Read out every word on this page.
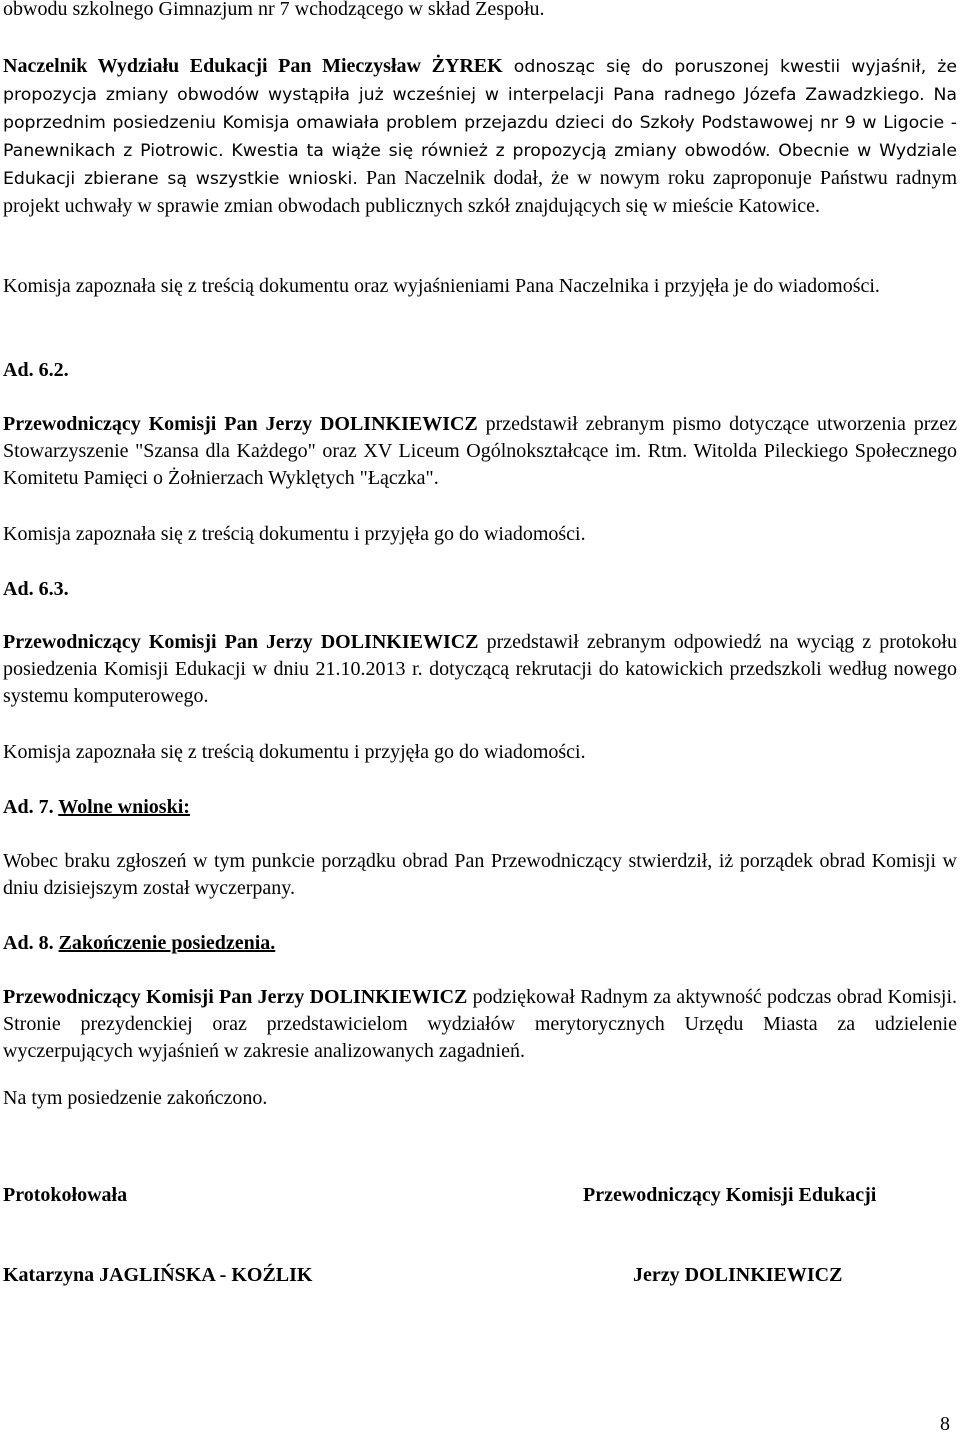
obwodu szkolnego Gimnazjum nr 7 wchodzącego w skład Zespołu.

Naczelnik Wydziału Edukacji Pan Mieczysław ŻYREK odnosząc się do poruszonej kwestii wyjaśnił, że propozycja zmiany obwodów wystąpiła już wcześniej w interpelacji Pana radnego Józefa Zawadzkiego. Na poprzednim posiedzeniu Komisja omawiała problem przejazdu dzieci do Szkoły Podstawowej nr 9 w Ligocie - Panewnikach z Piotrowic. Kwestia ta wiąże się również z propozycją zmiany obwodów. Obecnie w Wydziale Edukacji zbierane są wszystkie wnioski. Pan Naczelnik dodał, że w nowym roku zaproponuje Państwu radnym projekt uchwały w sprawie zmian obwodach publicznych szkół znajdujących się w mieście Katowice.

Komisja zapoznała się z treścią dokumentu oraz wyjaśnieniami Pana Naczelnika i przyjęła je do wiadomości.

Ad. 6.2.

Przewodniczący Komisji Pan Jerzy DOLINKIEWICZ przedstawił zebranym pismo dotyczące utworzenia przez Stowarzyszenie "Szansa dla Każdego" oraz XV Liceum Ogólnokształcące im. Rtm. Witolda Pileckiego Społecznego Komitetu Pamięci o Żołnierzach Wyklętych "Łączka".

Komisja zapoznała się z treścią dokumentu i przyjęła go do wiadomości.

Ad. 6.3.

Przewodniczący Komisji Pan Jerzy DOLINKIEWICZ przedstawił zebranym odpowiedź na wyciąg z protokołu posiedzenia Komisji Edukacji w dniu 21.10.2013 r. dotyczącą rekrutacji do katowickich przedszkoli według nowego systemu komputerowego.

Komisja zapoznała się z treścią dokumentu i przyjęła go do wiadomości.

Ad. 7. Wolne wnioski:

Wobec braku zgłoszeń w tym punkcie porządku obrad Pan Przewodniczący stwierdził, iż porządek obrad Komisji w dniu dzisiejszym został wyczerpany.

Ad. 8. Zakończenie posiedzenia.

Przewodniczący Komisji Pan Jerzy DOLINKIEWICZ podziękował Radnym za aktywność podczas obrad Komisji. Stronie prezydenckiej oraz przedstawicielom wydziałów merytorycznych Urzędu Miasta za udzielenie wyczerpujących wyjaśnień w zakresie analizowanych zagadnień.

Na tym posiedzenie zakończono.

Protokołowała

Katarzyna JAGLIŃSKA - KOŹLIK

Przewodniczący Komisji Edukacji

Jerzy DOLINKIEWICZ

8
